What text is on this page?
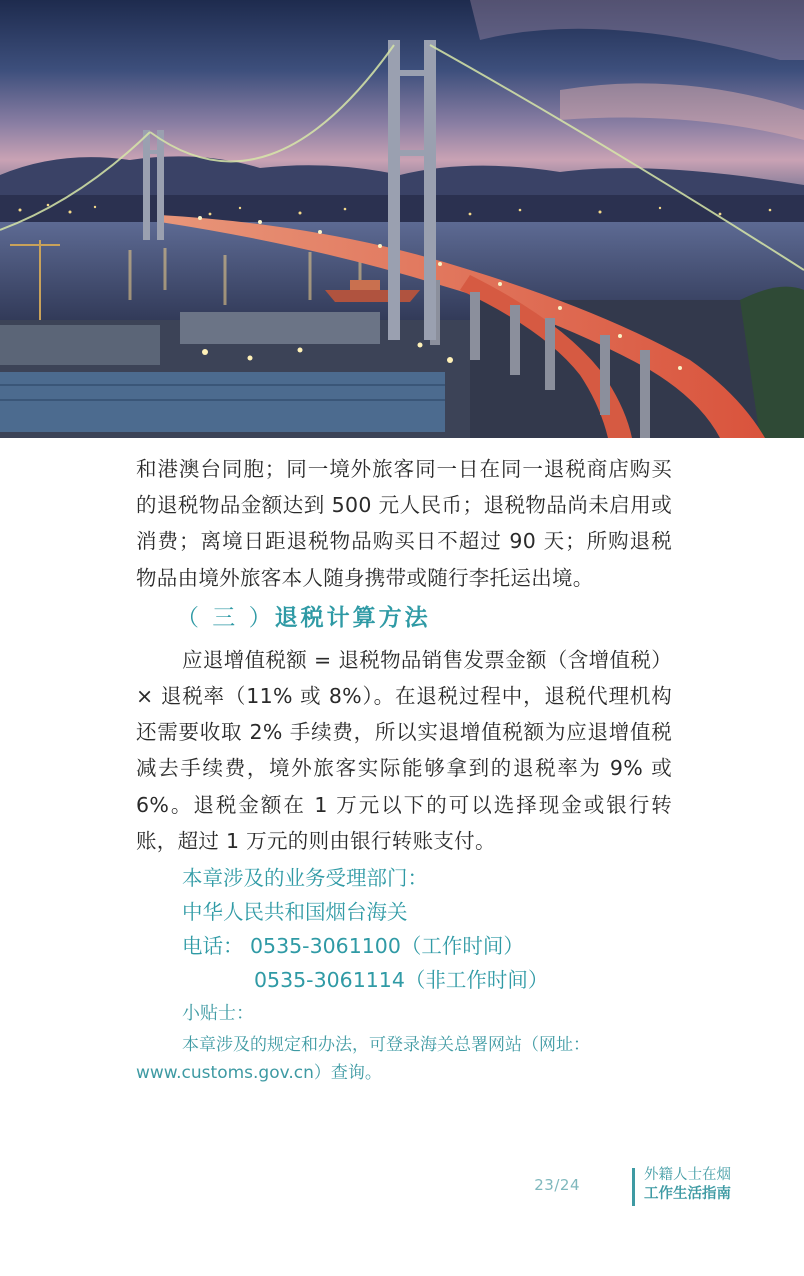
和港澳台同胞；同一境外旅客同一日在同一退税商店购买的退税物品金额达到 500 元人民币；退税物品尚未启用或消费；离境日距退税物品购买日不超过 90 天；所购退税物品由境外旅客本人随身携带或随行李托运出境。

（ 三 ）退税计算方法

应退增值税额 = 退税物品销售发票金额（含增值税）× 退税率（11% 或 8%）。在退税过程中，退税代理机构还需要收取 2% 手续费，所以实退增值税额为应退增值税减去手续费，境外旅客实际能够拿到的退税率为 9% 或 6%。退税金额在 1 万元以下的可以选择现金或银行转账，超过 1 万元的则由银行转账支付。

本章涉及的业务受理部门：
中华人民共和国烟台海关
电话： 0535-3061100（工作时间）
0535-3061114（非工作时间）
小贴士：
本章涉及的规定和办法，可登录海关总署网站（网址：
www.customs.gov.cn）查询。
23/24
外籍人士在烟
工作生活指南
